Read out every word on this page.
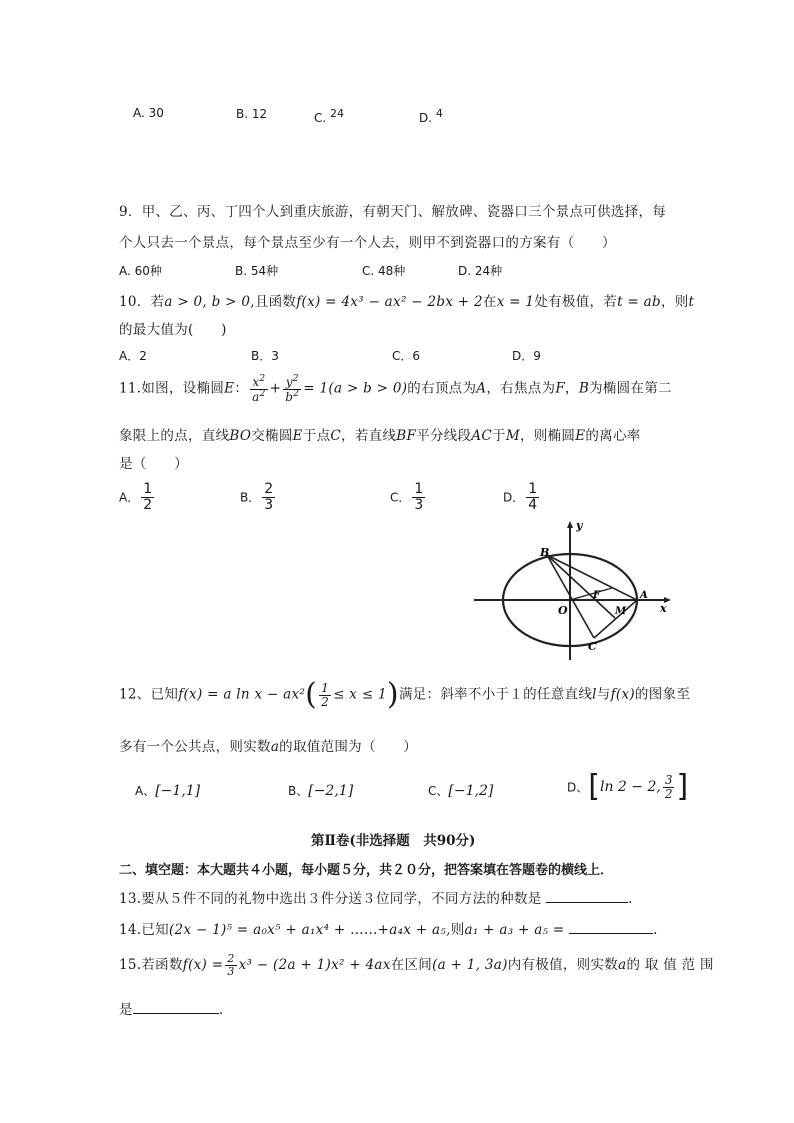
A. 30	B. 12	C. $^{24}$	D. $^4$
9．甲、乙、丙、丁四个人到重庆旅游，有朝天门、解放碑、瓷器口三个景点可供选择，每
个人只去一个景点，每个景点至少有一个人去，则甲不到瓷器口的方案有（　　）
A. 60种	B. 54种	C. 48种	D. 24种
10．若a > 0, b > 0,且函数f(x) = 4x³ − ax² − 2bx + 2在x = 1处有极值，若t = ab，则t
的最大值为(　　)
A．2	B．3	C．6	D．9
11.如图，设椭圆E： $\frac{x^2}{a^2} + \frac{y^2}{b^2} = 1(a > b > 0)$的右顶点为A，右焦点为F，B为椭圆在第二
象限上的点，直线BO交椭圆E于点C，若直线BF平分线段AC于M，则椭圆E的离心率
是（　　）
A． $\frac{1}{2}$	B． $\frac{2}{3}$	C． $\frac{1}{3}$	D． $\frac{1}{4}$
B
O
F	A
M
C
x
y
12、已知f(x) = a $\ln x - ax^2( \frac{1}{2} \le x \le 1)$满足：斜率不小于１的任意直线l与f(x)的图象至
多有一个公共点，则实数a的取值范围为（　　）
A、[−1,1]	B、[−2,1]	C、[−1,2]	D、[ln 2 − 2, $\frac{3}{2}$ ]
第Ⅱ卷(非选择题　共90分)
二、填空题：本大题共４小题，每小题５分，共２０分，把答案填在答题卷的横线上．
13.要从５件不同的礼物中选出３件分送３位同学，不同方法的种数是	.
14.已知(2x − 1)⁵ = a₀x⁵ + a₁x⁴ + ……+a₄x + a₅,则a₁ + a₃ + a₅ =	.
15.若函数$f(x) = \frac{2}{3} x^3 - (2a + 1)x^2 + 4ax$在区间(a + 1, 3a)内有极值，则实数a的 取 值 范 围
是	.
